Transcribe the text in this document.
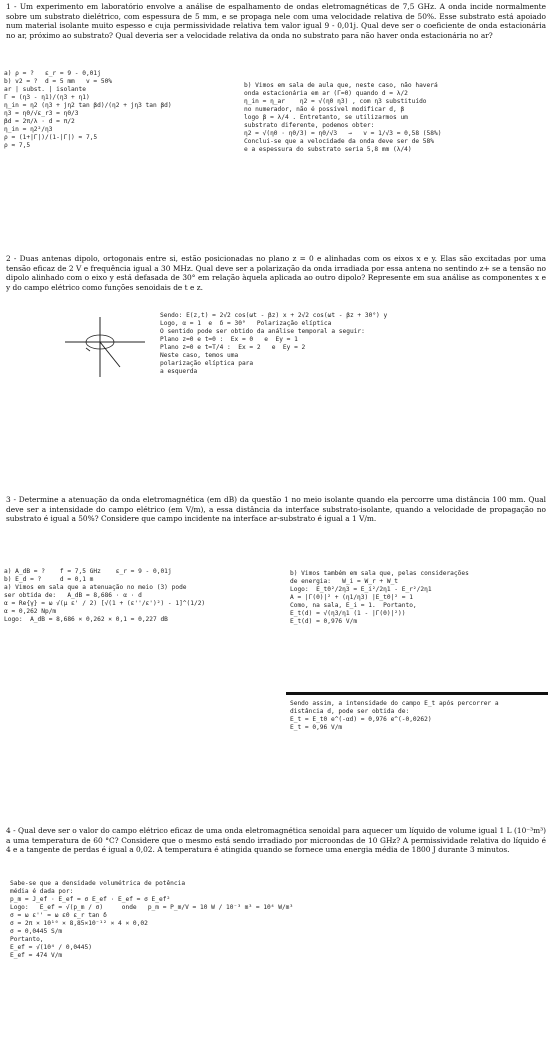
1 - Um experimento em laboratório envolve a análise de espalhamento de ondas eletromagnéticas de 7,5 GHz. A onda incide normalmente sobre um substrato dielétrico, com espessura de 5 mm, e se propaga nele com uma velocidade relativa de 50%. Esse substrato está apoiado num material isolante muito espesso e cuja permissividade relativa tem valor igual 9 - 0,01j. Qual deve ser o coeficiente de onda estacionária no ar, próximo ao substrato? Qual deveria ser a velocidade relativa da onda no substrato para não haver onda estacionária no ar?
a) ρ = ?   ε_r = 9 - 0,01j
b) v2 = ?  d = 5 mm   v = 50%
ar | subst. | isolante
Γ = (η3 - η1)/(η3 + η1)
η_in = η2 (η3 + jη2 tan βd)/(η2 + jη3 tan βd)
η3 = η0/√ε_r3 = η0/3
βd = 2π/λ · d = π/2
η_in = η2²/η3
ρ = (1+|Γ|)/(1-|Γ|) ≈ 7,5
ρ ≈ 7,5
b) Vimos em sala de aula que, neste caso, não haverá
onda estacionária em ar (Γ=0) quando d = λ/2
η_in = η_ar    η2 = √(η0 η3) , com η3 substituído
no numerador, não é possível modificar d, β
logo β = λ/4 . Entretanto, se utilizarmos um
substrato diferente, podemos obter:
η2 = √(η0 · η0/3) = η0/√3   →   v = 1/√3 = 0,58 (58%)
Conclui-se que a velocidade da onda deve ser de 58%
e a espessura do substrato seria 5,8 mm (λ/4)
2 - Duas antenas dipolo, ortogonais entre si, estão posicionadas no plano z = 0 e alinhadas com os eixos x e y. Elas são excitadas por uma tensão eficaz de 2 V e frequência igual a 30 MHz. Qual deve ser a polarização da onda irradiada por essa antena no sentindo z+ se a tensão no dipolo alinhado com o eixo y está defasada de 30° em relação àquela aplicada ao outro dipolo? Represente em sua análise as componentes x e y do campo elétrico como funções senoidais de t e z.
Sendo: E(z,t) = 2√2 cos(ωt - βz) x + 2√2 cos(ωt - βz + 30°) y
Logo, α = 1  e  δ = 30°   Polarização elíptica
O sentido pode ser obtido da análise temporal a seguir:
Plano z=0 e t=0 :  Ex = 0   e  Ey = 1
Plano z=0 e t=T/4 :  Ex = 2   e  Ey = 2
Neste caso, temos uma
polarização elíptica para
a esquerda
3 - Determine a atenuação da onda eletromagnética (em dB) da questão 1 no meio isolante quando ela percorre uma distância 100 mm. Qual deve ser a intensidade do campo elétrico (em V/m), a essa distância da interface substrato-isolante, quando a velocidade de propagação no substrato é igual a 50%? Considere que campo incidente na interface ar-substrato é igual a 1 V/m.
a) A_dB = ?    f = 7,5 GHz    ε_r = 9 - 0,01j
b) E_d = ?     d = 0,1 m
a) Vimos em sala que a atenuação no meio (3) pode
ser obtida de:   A_dB = 8,686 · α · d
α = Re{γ} = ω √(μ ε' / 2) [√(1 + (ε''/ε')²) - 1]^(1/2)
α ≈ 0,262 Np/m
Logo:  A_dB = 8,686 × 0,262 × 0,1 = 0,227 dB
b) Vimos também em sala que, pelas considerações
de energia:   W_i = W_r + W_t
Logo:  E_t0²/2η3 = E_i²/2η1 - E_r²/2η1
A = |Γ(0)|² + (η1/η3) |E_t0|² = 1
Como, na sala, E_i = 1.  Portanto,
E_t(d) = √(η3/η1 (1 - |Γ(0)|²))
E_t(d) = 0,976 V/m
Sendo assim, a intensidade do campo E_t após percorrer a
distância d, pode ser obtida de:
E_t = E_t0 e^(-αd) = 0,976 e^(-0,0262)
E_t = 0,96 V/m
4 - Qual deve ser o valor do campo elétrico eficaz de uma onda eletromagnética senoidal para aquecer um líquido de volume igual 1 L (10⁻³m³) a uma temperatura de 60 °C? Considere que o mesmo está sendo irradiado por microondas de 10 GHz? A permissividade relativa do líquido é 4 e a tangente de perdas é igual a 0,02. A temperatura é atingida quando se fornece uma energia média de 1800 J durante 3 minutos.
Sabe-se que a densidade volumétrica de potência
média é dada por:
p_m = J_ef · E_ef = σ E_ef · E_ef = σ E_ef²
Logo:   E_ef = √(p_m / σ)     onde   p_m = P_m/V = 10 W / 10⁻³ m³ = 10⁴ W/m³
σ = ω ε'' = ω ε0 ε_r tan δ
σ = 2π × 10¹⁰ × 8,85×10⁻¹² × 4 × 0,02
σ = 0,0445 S/m
Portanto,
E_ef = √(10⁴ / 0,0445)
E_ef = 474 V/m
